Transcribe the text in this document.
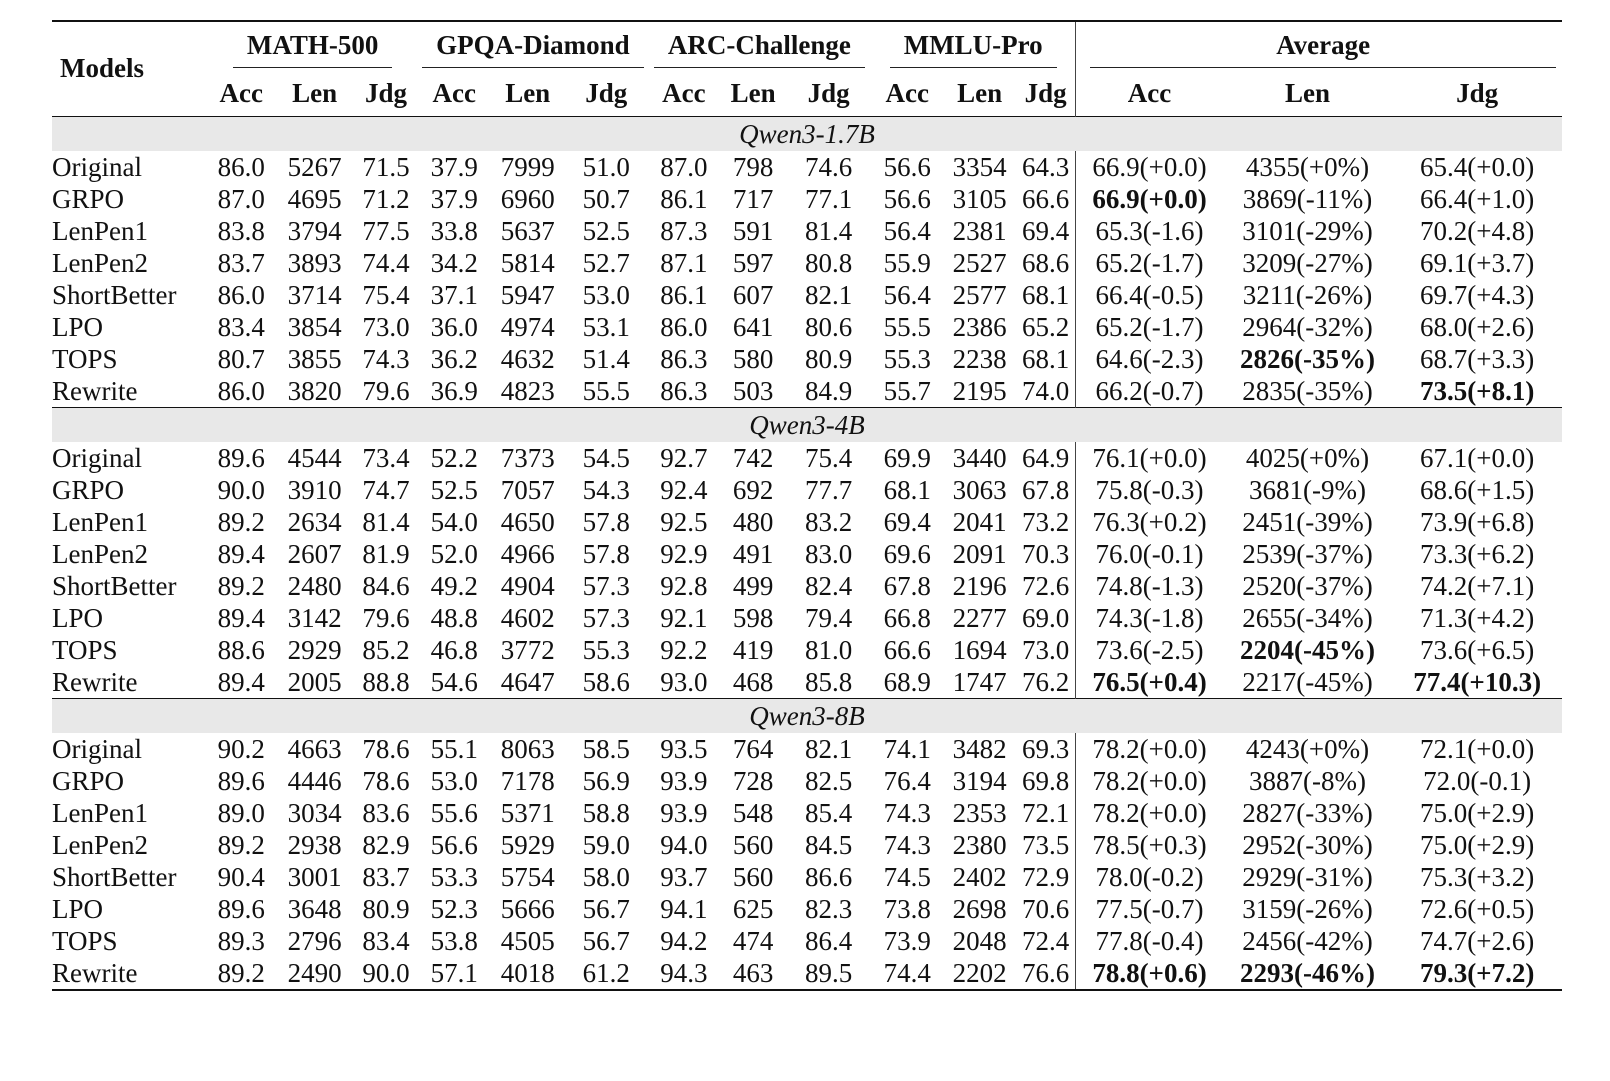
Models	MATH-500			GPQA-Diamond			ARC-Challenge			MMLU-Pro			Average		

	Acc	Len	Jdg	Acc	Len	Jdg	Acc	Len	Jdg	Acc	Len	Jdg	Acc	Len	Jdg
Qwen3-1.7B															
Original	86.0	5267	71.5	37.9	7999	51.0	87.0	798	74.6	56.6	3354	64.3	66.9(+0.0)	4355(+0%)	65.4(+0.0)
GRPO	87.0	4695	71.2	37.9	6960	50.7	86.1	717	77.1	56.6	3105	66.6	66.9(+0.0)	3869(-11%)	66.4(+1.0)
LenPen1	83.8	3794	77.5	33.8	5637	52.5	87.3	591	81.4	56.4	2381	69.4	65.3(-1.6)	3101(-29%)	70.2(+4.8)
LenPen2	83.7	3893	74.4	34.2	5814	52.7	87.1	597	80.8	55.9	2527	68.6	65.2(-1.7)	3209(-27%)	69.1(+3.7)
ShortBetter	86.0	3714	75.4	37.1	5947	53.0	86.1	607	82.1	56.4	2577	68.1	66.4(-0.5)	3211(-26%)	69.7(+4.3)
LPO	83.4	3854	73.0	36.0	4974	53.1	86.0	641	80.6	55.5	2386	65.2	65.2(-1.7)	2964(-32%)	68.0(+2.6)
TOPS	80.7	3855	74.3	36.2	4632	51.4	86.3	580	80.9	55.3	2238	68.1	64.6(-2.3)	2826(-35%)	68.7(+3.3)
Rewrite	86.0	3820	79.6	36.9	4823	55.5	86.3	503	84.9	55.7	2195	74.0	66.2(-0.7)	2835(-35%)	73.5(+8.1)
Qwen3-4B															
Original	89.6	4544	73.4	52.2	7373	54.5	92.7	742	75.4	69.9	3440	64.9	76.1(+0.0)	4025(+0%)	67.1(+0.0)
GRPO	90.0	3910	74.7	52.5	7057	54.3	92.4	692	77.7	68.1	3063	67.8	75.8(-0.3)	3681(-9%)	68.6(+1.5)
LenPen1	89.2	2634	81.4	54.0	4650	57.8	92.5	480	83.2	69.4	2041	73.2	76.3(+0.2)	2451(-39%)	73.9(+6.8)
LenPen2	89.4	2607	81.9	52.0	4966	57.8	92.9	491	83.0	69.6	2091	70.3	76.0(-0.1)	2539(-37%)	73.3(+6.2)
ShortBetter	89.2	2480	84.6	49.2	4904	57.3	92.8	499	82.4	67.8	2196	72.6	74.8(-1.3)	2520(-37%)	74.2(+7.1)
LPO	89.4	3142	79.6	48.8	4602	57.3	92.1	598	79.4	66.8	2277	69.0	74.3(-1.8)	2655(-34%)	71.3(+4.2)
TOPS	88.6	2929	85.2	46.8	3772	55.3	92.2	419	81.0	66.6	1694	73.0	73.6(-2.5)	2204(-45%)	73.6(+6.5)
Rewrite	89.4	2005	88.8	54.6	4647	58.6	93.0	468	85.8	68.9	1747	76.2	76.5(+0.4)	2217(-45%)	77.4(+10.3)
Qwen3-8B															
Original	90.2	4663	78.6	55.1	8063	58.5	93.5	764	82.1	74.1	3482	69.3	78.2(+0.0)	4243(+0%)	72.1(+0.0)
GRPO	89.6	4446	78.6	53.0	7178	56.9	93.9	728	82.5	76.4	3194	69.8	78.2(+0.0)	3887(-8%)	72.0(-0.1)
LenPen1	89.0	3034	83.6	55.6	5371	58.8	93.9	548	85.4	74.3	2353	72.1	78.2(+0.0)	2827(-33%)	75.0(+2.9)
LenPen2	89.2	2938	82.9	56.6	5929	59.0	94.0	560	84.5	74.3	2380	73.5	78.5(+0.3)	2952(-30%)	75.0(+2.9)
ShortBetter	90.4	3001	83.7	53.3	5754	58.0	93.7	560	86.6	74.5	2402	72.9	78.0(-0.2)	2929(-31%)	75.3(+3.2)
LPO	89.6	3648	80.9	52.3	5666	56.7	94.1	625	82.3	73.8	2698	70.6	77.5(-0.7)	3159(-26%)	72.6(+0.5)
TOPS	89.3	2796	83.4	53.8	4505	56.7	94.2	474	86.4	73.9	2048	72.4	77.8(-0.4)	2456(-42%)	74.7(+2.6)
Rewrite	89.2	2490	90.0	57.1	4018	61.2	94.3	463	89.5	74.4	2202	76.6	78.8(+0.6)	2293(-46%)	79.3(+7.2)
